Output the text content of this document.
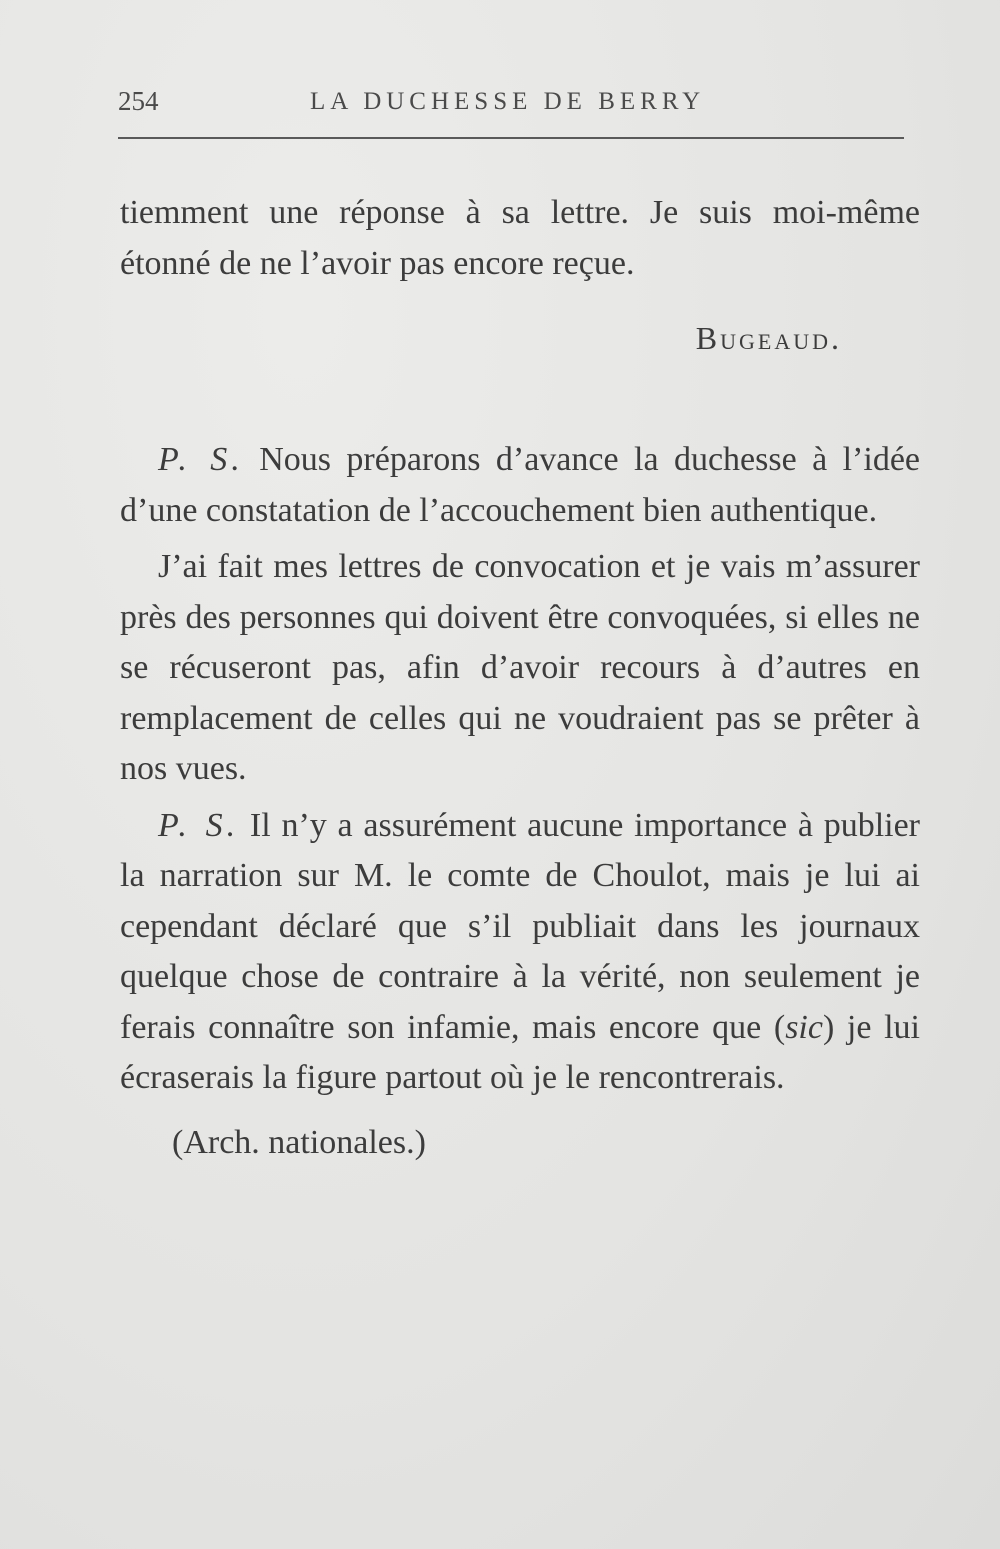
254	LA DUCHESSE DE BERRY

tiemment une réponse à sa lettre. Je suis moi-même étonné de ne l’avoir pas encore reçue.

Bugeaud.

P. S. Nous préparons d’avance la duchesse à l’idée d’une constatation de l’accouchement bien authentique.

J’ai fait mes lettres de convocation et je vais m’assurer près des personnes qui doivent être convoquées, si elles ne se récuseront pas, afin d’avoir recours à d’autres en remplacement de celles qui ne voudraient pas se prêter à nos vues.

P. S. Il n’y a assurément aucune importance à publier la narration sur M. le comte de Choulot, mais je lui ai cependant déclaré que s’il publiait dans les journaux quelque chose de contraire à la vérité, non seulement je ferais connaître son infamie, mais encore que (sic) je lui écraserais la figure partout où je le rencontrerais.

(Arch. nationales.)
